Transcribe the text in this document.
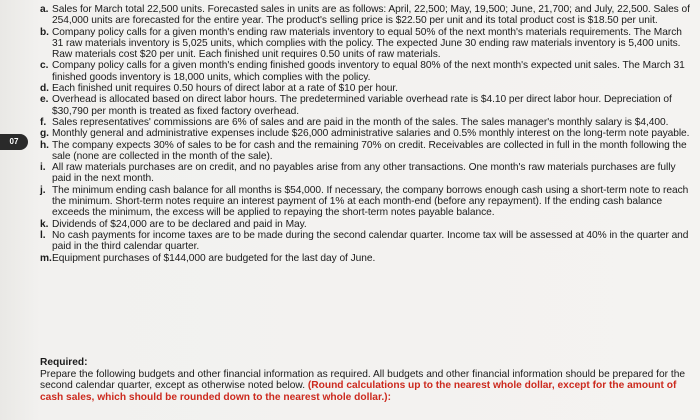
07
a. Sales for March total 22,500 units. Forecasted sales in units are as follows: April, 22,500; May, 19,500; June, 21,700; and July, 22,500. Sales of 254,000 units are forecasted for the entire year. The product's selling price is $22.50 per unit and its total product cost is $18.50 per unit.
b. Company policy calls for a given month's ending raw materials inventory to equal 50% of the next month's materials requirements. The March 31 raw materials inventory is 5,025 units, which complies with the policy. The expected June 30 ending raw materials inventory is 5,400 units. Raw materials cost $20 per unit. Each finished unit requires 0.50 units of raw materials.
c. Company policy calls for a given month's ending finished goods inventory to equal 80% of the next month's expected unit sales. The March 31 finished goods inventory is 18,000 units, which complies with the policy.
d. Each finished unit requires 0.50 hours of direct labor at a rate of $10 per hour.
e. Overhead is allocated based on direct labor hours. The predetermined variable overhead rate is $4.10 per direct labor hour. Depreciation of $30,790 per month is treated as fixed factory overhead.
f. Sales representatives' commissions are 6% of sales and are paid in the month of the sales. The sales manager's monthly salary is $4,400.
g. Monthly general and administrative expenses include $26,000 administrative salaries and 0.5% monthly interest on the long-term note payable.
h. The company expects 30% of sales to be for cash and the remaining 70% on credit. Receivables are collected in full in the month following the sale (none are collected in the month of the sale).
i. All raw materials purchases are on credit, and no payables arise from any other transactions. One month's raw materials purchases are fully paid in the next month.
j. The minimum ending cash balance for all months is $54,000. If necessary, the company borrows enough cash using a short-term note to reach the minimum. Short-term notes require an interest payment of 1% at each month-end (before any repayment). If the ending cash balance exceeds the minimum, the excess will be applied to repaying the short-term notes payable balance.
k. Dividends of $24,000 are to be declared and paid in May.
l. No cash payments for income taxes are to be made during the second calendar quarter. Income tax will be assessed at 40% in the quarter and paid in the third calendar quarter.
m. Equipment purchases of $144,000 are budgeted for the last day of June.
Required:
Prepare the following budgets and other financial information as required. All budgets and other financial information should be prepared for the second calendar quarter, except as otherwise noted below. (Round calculations up to the nearest whole dollar, except for the amount of cash sales, which should be rounded down to the nearest whole dollar.):
